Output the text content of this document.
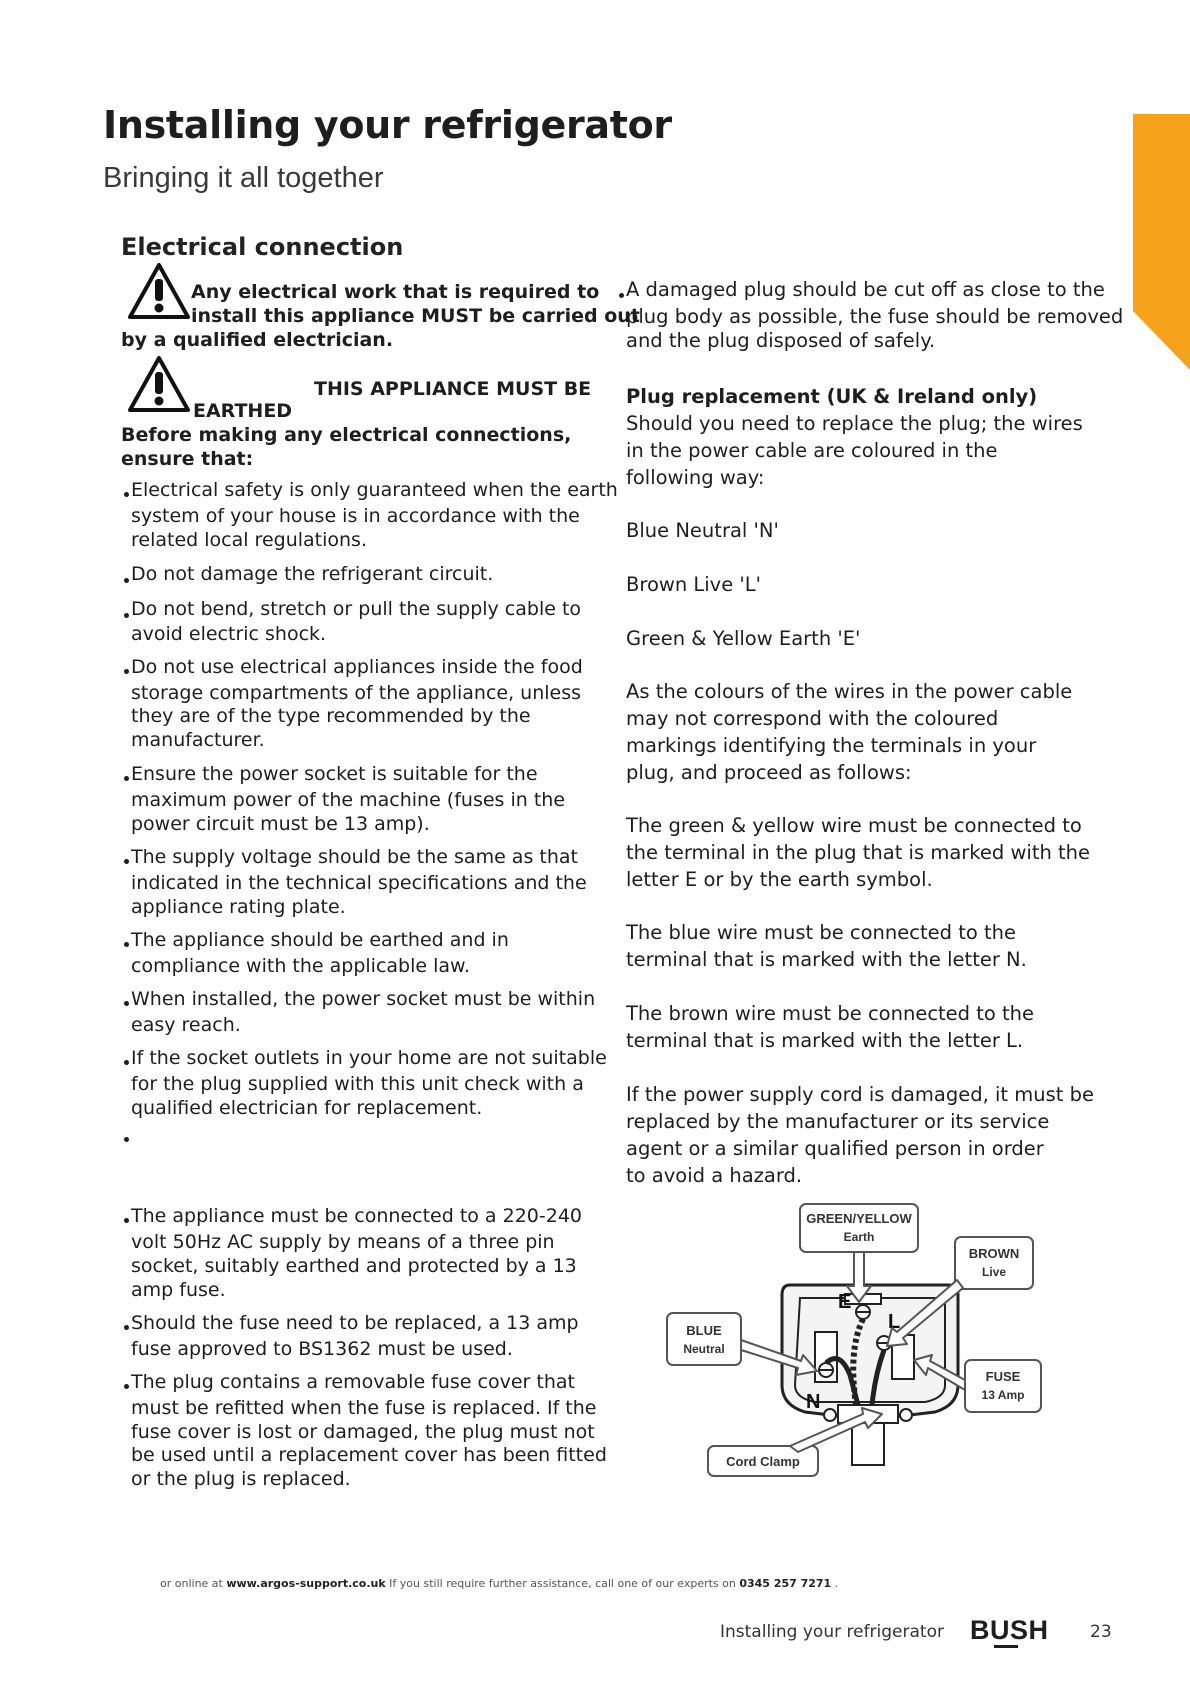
Installing your refrigerator
Bringing it all together
Electrical connection
Any electrical work that is required to
install this appliance MUST be carried out
by a qualified electrician.
THIS APPLIANCE MUST BE
EARTHED
Before making any electrical connections,
ensure that:
Electrical safety is only guaranteed when the earth
system of your house is in accordance with the
related local regulations.
Do not damage the refrigerant circuit.
Do not bend, stretch or pull the supply cable to
avoid electric shock.
Do not use electrical appliances inside the food
storage compartments of the appliance, unless
they are of the type recommended by the
manufacturer.
Ensure the power socket is suitable for the
maximum power of the machine (fuses in the
power circuit must be 13 amp).
The supply voltage should be the same as that
indicated in the technical specifications and the
appliance rating plate.
The appliance should be earthed and in
compliance with the applicable law.
When installed, the power socket must be within
easy reach.
If the socket outlets in your home are not suitable
for the plug supplied with this unit check with a
qualified electrician for replacement.
The appliance must be connected to a 220-240
volt 50Hz AC supply by means of a three pin
socket, suitably earthed and protected by a 13
amp fuse.
Should the fuse need to be replaced, a 13 amp
fuse approved to BS1362 must be used.
The plug contains a removable fuse cover that
must be refitted when the fuse is replaced. If the
fuse cover is lost or damaged, the plug must not
be used until a replacement cover has been fitted
or the plug is replaced.
A damaged plug should be cut off as close to the
plug body as possible, the fuse should be removed
and the plug disposed of safely.
Plug replacement (UK & Ireland only)
Should you need to replace the plug; the wires
in the power cable are coloured in the
following way:
Blue Neutral 'N'
Brown Live 'L'
Green & Yellow Earth 'E'
As the colours of the wires in the power cable
may not correspond with the coloured
markings identifying the terminals in your
plug, and proceed as follows:
The green & yellow wire must be connected to
the terminal in the plug that is marked with the
letter E or by the earth symbol.
The blue wire must be connected to the
terminal that is marked with the letter N.
The brown wire must be connected to the
terminal that is marked with the letter L.
If the power supply cord is damaged, it must be
replaced by the manufacturer or its service
agent or a similar qualified person in order
to avoid a hazard.
E
L
N
GREEN/YELLOW
Earth
BROWN
Live
BLUE
Neutral
FUSE
13 Amp
Cord Clamp
or online at www.argos-support.co.uk If you still require further assistance, call one of our experts on 0345 257 7271 .
Installing your refrigerator BUSH 23
